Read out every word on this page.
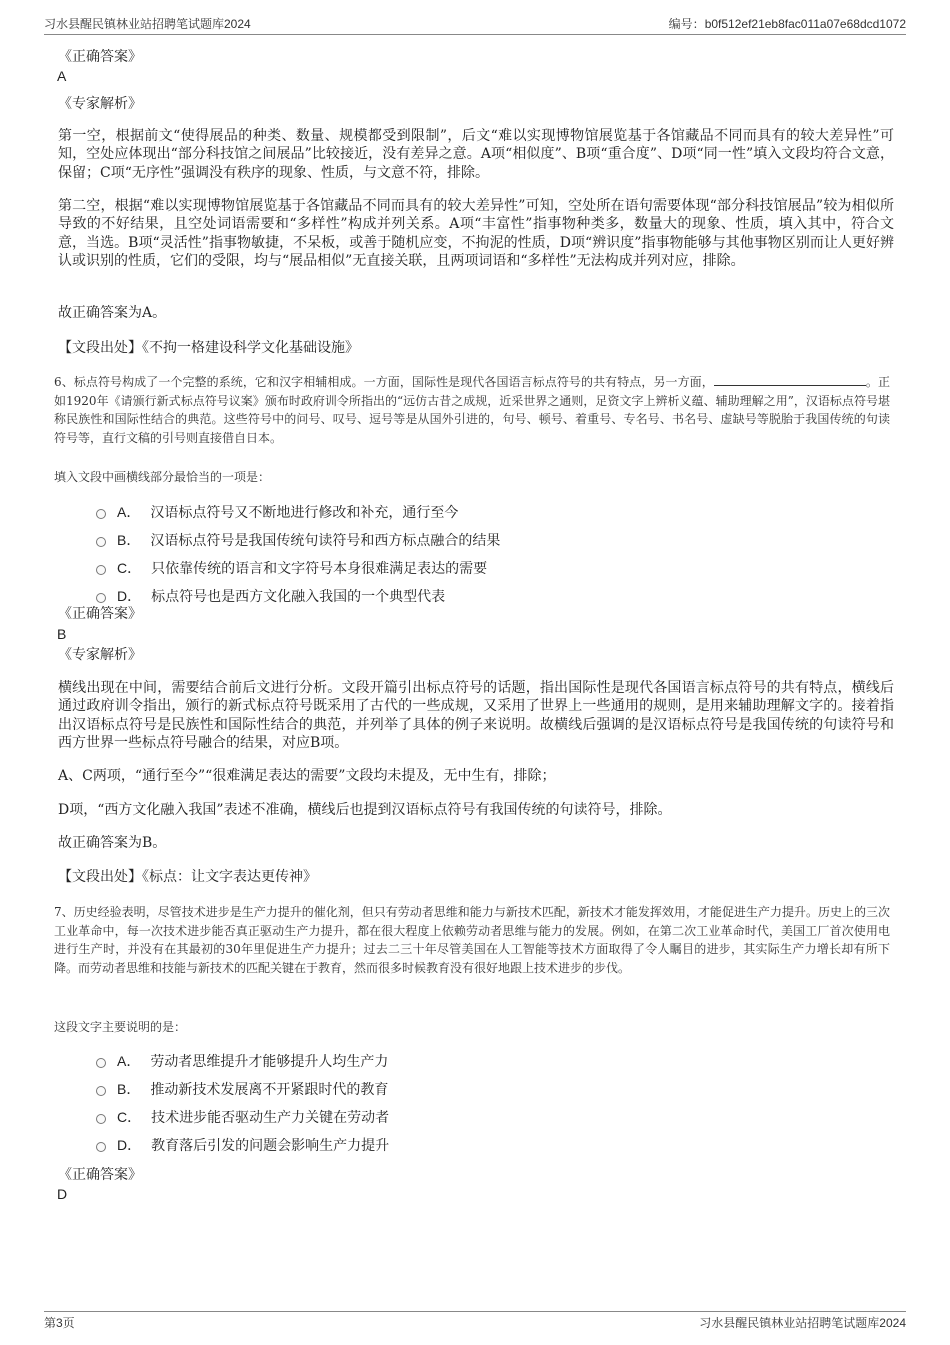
习水县醒民镇林业站招聘笔试题库2024	编号：b0f512ef21eb8fac011a07e68dcd1072
《正确答案》
A
《专家解析》

第一空，根据前文“使得展品的种类、数量、规模都受到限制”，后文“难以实现博物馆展览基于各馆藏品不同而具有的较大差异性”可知，空处应体现出“部分科技馆之间展品”比较接近，没有差异之意。A项“相似度”、B项“重合度”、D项“同一性”填入文段均符合文意，保留；C项“无序性”强调没有秩序的现象、性质，与文意不符，排除。

第二空，根据“难以实现博物馆展览基于各馆藏品不同而具有的较大差异性”可知，空处所在语句需要体现“部分科技馆展品”较为相似所导致的不好结果，且空处词语需要和“多样性”构成并列关系。A项“丰富性”指事物种类多，数量大的现象、性质，填入其中，符合文意，当选。B项“灵活性”指事物敏捷，不呆板，或善于随机应变，不拘泥的性质，D项“辨识度”指事物能够与其他事物区别而让人更好辨认或识别的性质，它们的受限，均与“展品相似”无直接关联，且两项词语和“多样性”无法构成并列对应，排除。

故正确答案为A。

【文段出处】《不拘一格建设科学文化基础设施》

6、标点符号构成了一个完整的系统，它和汉字相辅相成。一方面，国际性是现代各国语言标点符号的共有特点，另一方面，	。正如1920年《请颁行新式标点符号议案》颁布时政府训令所指出的“远仿古昔之成规，近采世界之通则，足资文字上辨析义蕴、辅助理解之用”，汉语标点符号堪称民族性和国际性结合的典范。这些符号中的问号、叹号、逗号等是从国外引进的，句号、顿号、着重号、专名号、书名号、虚缺号等脱胎于我国传统的句读符号等，直行文稿的引号则直接借自日本。

填入文段中画横线部分最恰当的一项是：
A． 汉语标点符号又不断地进行修改和补充，通行至今
B． 汉语标点符号是我国传统句读符号和西方标点融合的结果
C． 只依靠传统的语言和文字符号本身很难满足表达的需要
D． 标点符号也是西方文化融入我国的一个典型代表
《正确答案》
B
《专家解析》

横线出现在中间，需要结合前后文进行分析。文段开篇引出标点符号的话题，指出国际性是现代各国语言标点符号的共有特点，横线后通过政府训令指出，颁行的新式标点符号既采用了古代的一些成规，又采用了世界上一些通用的规则，是用来辅助理解文字的。接着指出汉语标点符号是民族性和国际性结合的典范，并列举了具体的例子来说明。故横线后强调的是汉语标点符号是我国传统的句读符号和西方世界一些标点符号融合的结果，对应B项。

A、C两项，“通行至今”“很难满足表达的需要”文段均未提及，无中生有，排除；

D项，“西方文化融入我国”表述不准确，横线后也提到汉语标点符号有我国传统的句读符号，排除。

故正确答案为B。

【文段出处】《标点：让文字表达更传神》

7、历史经验表明，尽管技术进步是生产力提升的催化剂，但只有劳动者思维和能力与新技术匹配，新技术才能发挥效用，才能促进生产力提升。历史上的三次工业革命中，每一次技术进步能否真正驱动生产力提升，都在很大程度上依赖劳动者思维与能力的发展。例如，在第二次工业革命时代，美国工厂首次使用电进行生产时，并没有在其最初的30年里促进生产力提升；过去二三十年尽管美国在人工智能等技术方面取得了令人瞩目的进步，其实际生产力增长却有所下降。而劳动者思维和技能与新技术的匹配关键在于教育，然而很多时候教育没有很好地跟上技术进步的步伐。

这段文字主要说明的是：
A． 劳动者思维提升才能够提升人均生产力
B． 推动新技术发展离不开紧跟时代的教育
C． 技术进步能否驱动生产力关键在劳动者
D． 教育落后引发的问题会影响生产力提升
《正确答案》
D
第3页	习水县醒民镇林业站招聘笔试题库2024
